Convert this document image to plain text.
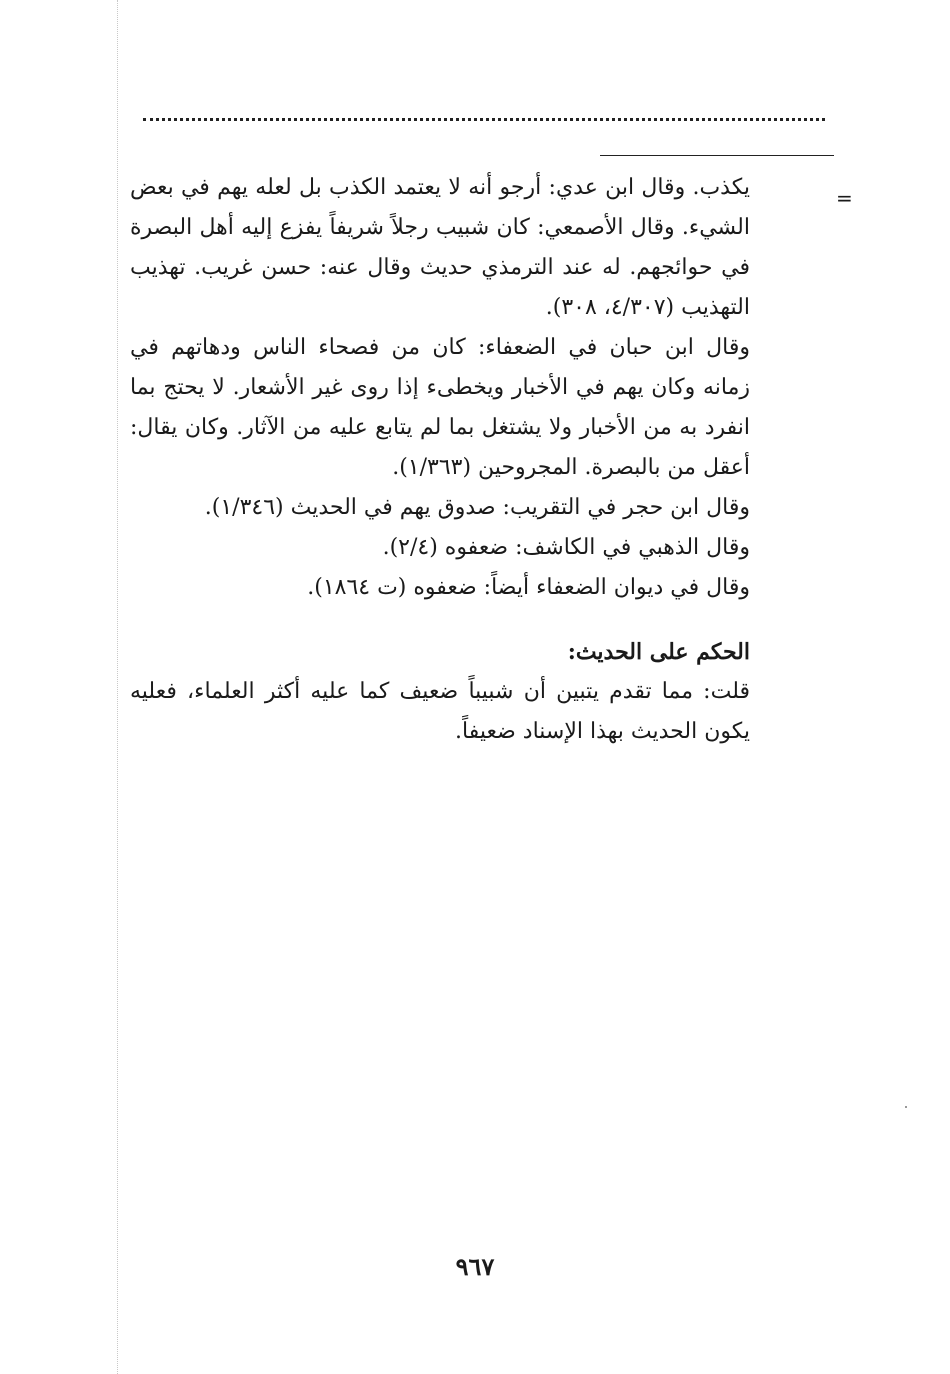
=

يكذب. وقال ابن عدي: أرجو أنه لا يعتمد الكذب بل لعله يهم في بعض الشيء. وقال الأصمعي: كان شبيب رجلاً شريفاً يفزع إليه أهل البصرة في حوائجهم. له عند الترمذي حديث وقال عنه: حسن غريب. تهذيب التهذيب (٤/٣٠٧، ٣٠٨).

وقال ابن حبان في الضعفاء: كان من فصحاء الناس ودهاتهم في زمانه وكان يهم في الأخبار ويخطىء إذا روى غير الأشعار. لا يحتج بما انفرد به من الأخبار ولا يشتغل بما لم يتابع عليه من الآثار. وكان يقال: أعقل من بالبصرة. المجروحين (١/٣٦٣).

وقال ابن حجر في التقريب: صدوق يهم في الحديث (١/٣٤٦).

وقال الذهبي في الكاشف: ضعفوه (٢/٤).

وقال في ديوان الضعفاء أيضاً: ضعفوه (ت ١٨٦٤).

الحكم على الحديث:

قلت: مما تقدم يتبين أن شبيباً ضعيف كما عليه أكثر العلماء، فعليه يكون الحديث بهذا الإسناد ضعيفاً.

٩٦٧
